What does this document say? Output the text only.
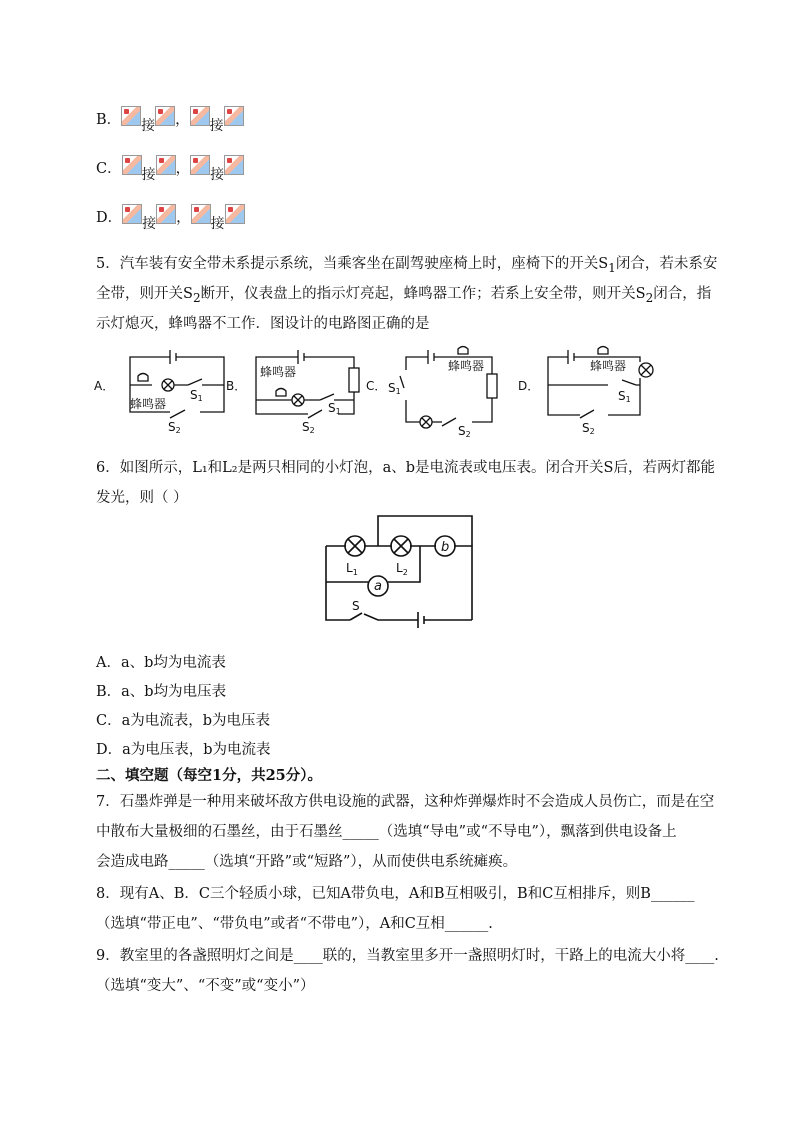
B． 接 ， 接
C． 接 ， 接
D． 接 ， 接
5．汽车装有安全带未系提示系统，当乘客坐在副驾驶座椅上时，座椅下的开关$S_1$闭合，若未系安
全带，则开关$S_2$断开，仪表盘上的指示灯亮起，蜂鸣器工作；若系上安全带，则开关$S_2$闭合，指
示灯熄灭，蜂鸣器不工作．图设计的电路图正确的是
A．	B．	C．	D．
蜂鸣器
S1
S2
蜂鸣器
S1
S2
蜂鸣器
S1
S2
蜂鸣器
S1
S2
6．如图所示，L₁和L₂是两只相同的小灯泡，a、b是电流表或电压表。闭合开关S后，若两灯都能
发光，则（ ）
b
a
$L_1$	$L_2$
S
A．a、b均为电流表
B．a、b均为电压表
C．a为电流表，b为电压表
D．a为电压表，b为电流表
二、填空题（每空1分，共25分）。
7．石墨炸弹是一种用来破坏敌方供电设施的武器，这种炸弹爆炸时不会造成人员伤亡，而是在空
中散布大量极细的石墨丝，由于石墨丝_____（选填“导电”或“不导电”），飘落到供电设备上
会造成电路_____（选填“开路”或“短路”），从而使供电系统瘫痪。
8．现有A、B．C三个轻质小球，已知A带负电，A和B互相吸引，B和C互相排斥，则B______
（选填“带正电”、“带负电”或者“不带电”），A和C互相______.
9．教室里的各盏照明灯之间是____联的，当教室里多开一盏照明灯时，干路上的电流大小将____.
（选填“变大”、“不变”或“变小”）
